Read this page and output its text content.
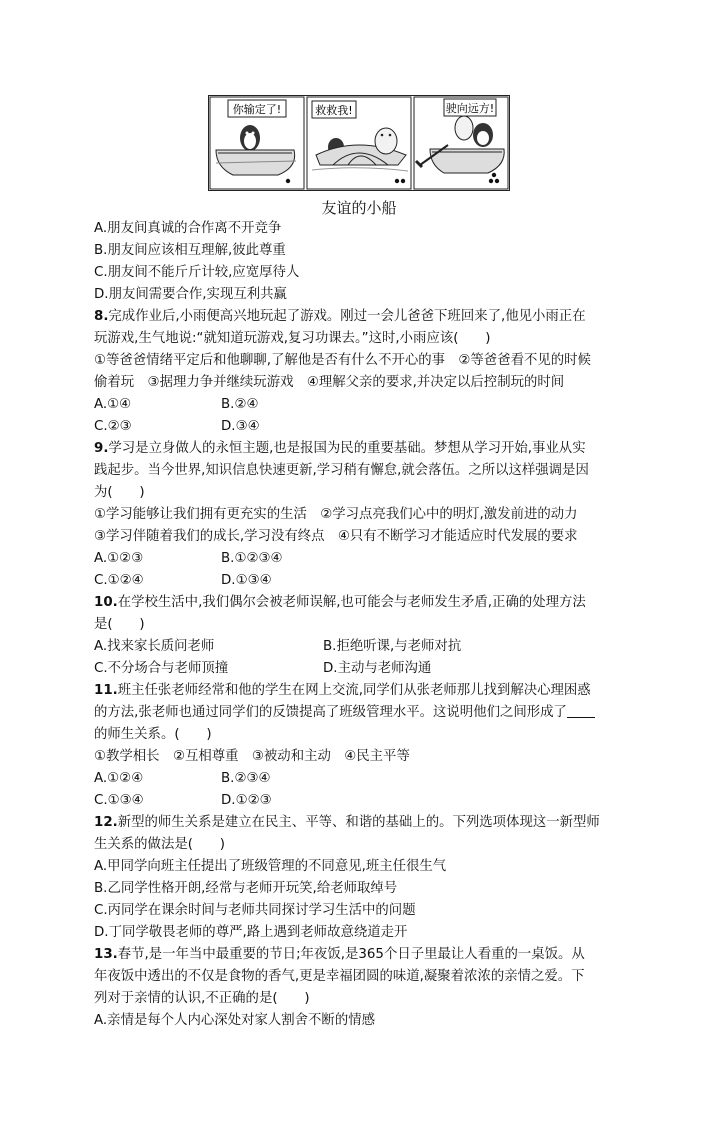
你输定了!	救救我!	驶向远方!
友谊的小船
A.朋友间真诚的合作离不开竞争
B.朋友间应该相互理解,彼此尊重
C.朋友间不能斤斤计较,应宽厚待人
D.朋友间需要合作,实现互利共赢
8.完成作业后,小雨便高兴地玩起了游戏。刚过一会儿爸爸下班回来了,他见小雨正在
玩游戏,生气地说:“就知道玩游戏,复习功课去。”这时,小雨应该(　　)
①等爸爸情绪平定后和他聊聊,了解他是否有什么不开心的事　②等爸爸看不见的时候
偷着玩　③据理力争并继续玩游戏　④理解父亲的要求,并决定以后控制玩的时间
A.①④	B.②④
C.②③	D.③④
9.学习是立身做人的永恒主题,也是报国为民的重要基础。梦想从学习开始,事业从实
践起步。当今世界,知识信息快速更新,学习稍有懈怠,就会落伍。之所以这样强调是因
为(　　)
①学习能够让我们拥有更充实的生活　②学习点亮我们心中的明灯,激发前进的动力
③学习伴随着我们的成长,学习没有终点　④只有不断学习才能适应时代发展的要求
A.①②③	B.①②③④
C.①②④	D.①③④
10.在学校生活中,我们偶尔会被老师误解,也可能会与老师发生矛盾,正确的处理方法
是(　　)
A.找来家长质问老师	B.拒绝听课,与老师对抗
C.不分场合与老师顶撞	D.主动与老师沟通
11.班主任张老师经常和他的学生在网上交流,同学们从张老师那儿找到解决心理困惑
的方法,张老师也通过同学们的反馈提高了班级管理水平。这说明他们之间形成了
的师生关系。(　　)
①教学相长　②互相尊重　③被动和主动　④民主平等
A.①②④	B.②③④
C.①③④	D.①②③
12.新型的师生关系是建立在民主、平等、和谐的基础上的。下列选项体现这一新型师
生关系的做法是(　　)
A.甲同学向班主任提出了班级管理的不同意见,班主任很生气
B.乙同学性格开朗,经常与老师开玩笑,给老师取绰号
C.丙同学在课余时间与老师共同探讨学习生活中的问题
D.丁同学敬畏老师的尊严,路上遇到老师故意绕道走开
13.春节,是一年当中最重要的节日;年夜饭,是365个日子里最让人看重的一桌饭。从
年夜饭中透出的不仅是食物的香气,更是幸福团圆的味道,凝聚着浓浓的亲情之爱。下
列对于亲情的认识,不正确的是(　　)
A.亲情是每个人内心深处对家人割舍不断的情感
